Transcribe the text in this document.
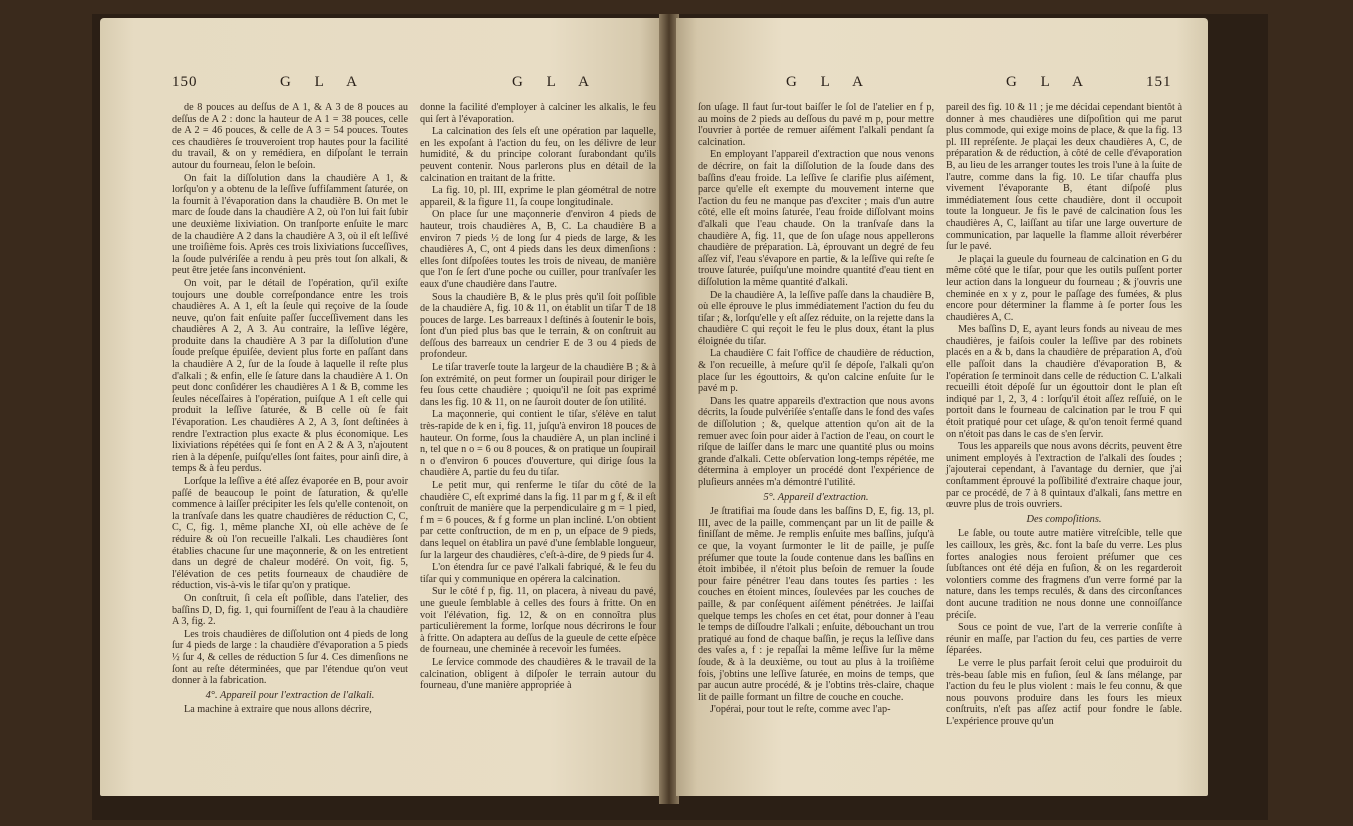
150	G L A	G L A

de 8 pouces au deſſus de A 1, & A 3 de 8 pouces au deſſus de A 2 : donc la hauteur de A 1 = 38 pouces, celle de A 2 = 46 pouces, & celle de A 3 = 54 pouces. Toutes ces chaudières ſe trouveroient trop hautes pour la facilité du travail, & on y remédiera, en diſpoſant le terrain autour du fourneau, ſelon le beſoin.

On fait la diſſolution dans la chaudière A 1, & lorſqu'on y a obtenu de la leſſive ſuffiſamment ſaturée, on la fournit à l'évaporation dans la chaudière B. On met le marc de ſoude dans la chaudière A 2, où l'on lui fait ſubir une deuxième lixiviation. On tranſporte enſuite le marc de la chaudière A 2 dans la chaudière A 3, où il eſt leſſivé une troiſième fois. Après ces trois lixiviations ſucceſſives, la ſoude pulvériſée a rendu à peu près tout ſon alkali, & peut être jetée ſans inconvénient.

On voit, par le détail de l'opération, qu'il exiſte toujours une double correſpondance entre les trois chaudières A. A 1, eſt la ſeule qui reçoive de la ſoude neuve, qu'on fait enſuite paſſer ſucceſſivement dans les chaudières A 2, A 3. Au contraire, la leſſive légère, produite dans la chaudière A 3 par la diſſolution d'une ſoude preſque épuiſée, devient plus forte en paſſant dans la chaudière A 2, ſur de la ſoude à laquelle il reſte plus d'alkali ; & enfin, elle ſe ſature dans la chaudière A 1. On peut donc conſidérer les chaudières A 1 & B, comme les ſeules néceſſaires à l'opération, puiſque A 1 eſt celle qui produit la leſſive ſaturée, & B celle où ſe fait l'évaporation. Les chaudières A 2, A 3, ſont deſtinées à rendre l'extraction plus exacte & plus économique. Les lixiviations répétées qui ſe font en A 2 & A 3, n'ajoutent rien à la dépenſe, puiſqu'elles ſont faites, pour ainſi dire, à temps & à feu perdus.

Lorſque la leſſive a été aſſez évaporée en B, pour avoir paſſé de beaucoup le point de ſaturation, & qu'elle commence à laiſſer précipiter les ſels qu'elle contenoit, on la tranſvaſe dans les quatre chaudières de réduction C, C, C, C, fig. 1, même planche XI, où elle achève de ſe réduire & où l'on recueille l'alkali. Les chaudières ſont établies chacune ſur une maçonnerie, & on les entretient dans un degré de chaleur modéré. On voit, fig. 5, l'élévation de ces petits fourneaux de chaudière de réduction, vis-à-vis le tiſar qu'on y pratique.

On conſtruit, ſi cela eſt poſſible, dans l'atelier, des baſſins D, D, fig. 1, qui fourniſſent de l'eau à la chaudière A 3, fig. 2.

Les trois chaudières de diſſolution ont 4 pieds de long ſur 4 pieds de large : la chaudière d'évaporation a 5 pieds ½ ſur 4, & celles de réduction 5 ſur 4. Ces dimenſions ne ſont au reſte déterminées, que par l'étendue qu'on veut donner à la fabrication.

4°. Appareil pour l'extraction de l'alkali.

La machine à extraire que nous allons décrire,

donne la facilité d'employer à calciner les alkalis, le feu qui ſert à l'évaporation.

La calcination des ſels eſt une opération par laquelle, en les expoſant à l'action du feu, on les délivre de leur humidité, & du principe colorant ſurabondant qu'ils peuvent contenir. Nous parlerons plus en détail de la calcination en traitant de la fritte.

La fig. 10, pl. III, exprime le plan géométral de notre appareil, & la figure 11, ſa coupe longitudinale.

On place ſur une maçonnerie d'environ 4 pieds de hauteur, trois chaudières A, B, C. La chaudière B a environ 7 pieds ½ de long ſur 4 pieds de large, & les chaudières A, C, ont 4 pieds dans les deux dimenſions : elles ſont diſpoſées toutes les trois de niveau, de manière que l'on ſe ſert d'une poche ou cuiller, pour tranſvaſer les eaux d'une chaudière dans l'autre.

Sous la chaudière B, & le plus près qu'il ſoit poſſible de la chaudière A, fig. 10 & 11, on établit un tiſar T de 18 pouces de large. Les barreaux l deſtinés à ſoutenir le bois, ſont d'un pied plus bas que le terrain, & on conſtruit au deſſous des barreaux un cendrier E de 3 ou 4 pieds de profondeur.

Le tiſar traverſe toute la largeur de la chaudière B ; & à ſon extrémité, on peut former un ſoupirail pour diriger le feu ſous cette chaudière ; quoiqu'il ne ſoit pas exprimé dans les fig. 10 & 11, on ne ſauroit douter de ſon utilité.

La maçonnerie, qui contient le tiſar, s'élève en talut très-rapide de k en i, fig. 11, juſqu'à environ 18 pouces de hauteur. On forme, ſous la chaudière A, un plan incliné i n, tel que n o = 6 ou 8 pouces, & on pratique un ſoupirail n o d'environ 6 pouces d'ouverture, qui dirige ſous la chaudière A, partie du feu du tiſar.

Le petit mur, qui renferme le tiſar du côté de la chaudière C, eſt exprimé dans la fig. 11 par m g f, & il eſt conſtruit de manière que la perpendiculaire g m = 1 pied, f m = 6 pouces, & f g forme un plan incliné. L'on obtient par cette conſtruction, de m en p, un eſpace de 9 pieds, dans lequel on établira un pavé d'une ſemblable longueur, ſur la largeur des chaudières, c'eſt-à-dire, de 9 pieds ſur 4.

L'on étendra ſur ce pavé l'alkali fabriqué, & le feu du tiſar qui y communique en opérera la calcination.

Sur le côté f p, fig. 11, on placera, à niveau du pavé, une gueule ſemblable à celles des fours à fritte. On en voit l'élévation, fig. 12, & on en connoîtra plus particulièrement la forme, lorſque nous décrirons le four à fritte. On adaptera au deſſus de la gueule de cette eſpèce de fourneau, une cheminée à recevoir les fumées.

Le ſervice commode des chaudières & le travail de la calcination, obligent à diſpoſer le terrain autour du fourneau, d'une manière appropriée à

G L A	G L A	151

ſon uſage. Il faut ſur-tout baiſſer le ſol de l'atelier en f p, au moins de 2 pieds au deſſous du pavé m p, pour mettre l'ouvrier à portée de remuer aiſément l'alkali pendant ſa calcination.

En employant l'appareil d'extraction que nous venons de décrire, on fait la diſſolution de la ſoude dans des baſſins d'eau froide. La leſſive ſe clarifie plus aiſément, parce qu'elle eſt exempte du mouvement interne que l'action du feu ne manque pas d'exciter ; mais d'un autre côté, elle eſt moins ſaturée, l'eau froide diſſolvant moins d'alkali que l'eau chaude. On la tranſvaſe dans la chaudière A, fig. 11, que de ſon uſage nous appellerons chaudière de préparation. Là, éprouvant un degré de feu aſſez vif, l'eau s'évapore en partie, & la leſſive qui reſte ſe trouve ſaturée, puiſqu'une moindre quantité d'eau tient en diſſolution la même quantité d'alkali.

De la chaudière A, la leſſive paſſe dans la chaudière B, où elle éprouve le plus immédiatement l'action du feu du tiſar ; &, lorſqu'elle y eſt aſſez réduite, on la rejette dans la chaudière C qui reçoit le feu le plus doux, étant la plus éloignée du tiſar.

La chaudière C fait l'office de chaudière de réduction, & l'on recueille, à meſure qu'il ſe dépoſe, l'alkali qu'on place ſur les égouttoirs, & qu'on calcine enſuite ſur le pavé m p.

Dans les quatre appareils d'extraction que nous avons décrits, la ſoude pulvériſée s'entaſſe dans le fond des vaſes de diſſolution ; &, quelque attention qu'on ait de la remuer avec ſoin pour aider à l'action de l'eau, on court le riſque de laiſſer dans le marc une quantité plus ou moins grande d'alkali. Cette obſervation long-temps répétée, me détermina à employer un procédé dont l'expérience de pluſieurs années m'a démontré l'utilité.

5°. Appareil d'extraction.

Je ſtratifiai ma ſoude dans les baſſins D, E, fig. 13, pl. III, avec de la paille, commençant par un lit de paille & finiſſant de même. Je remplis enſuite mes baſſins, juſqu'à ce que, la voyant ſurmonter le lit de paille, je puſſe préſumer que toute la ſoude contenue dans les baſſins en étoit imbibée, il n'étoit plus beſoin de remuer la ſoude pour faire pénétrer l'eau dans toutes ſes parties : les couches en étoient minces, ſoulevées par les couches de paille, & par conſéquent aiſément pénétrées. Je laiſſai quelque temps les choſes en cet état, pour donner à l'eau le temps de diſſoudre l'alkali ; enſuite, débouchant un trou pratiqué au fond de chaque baſſin, je reçus la leſſive dans des vaſes a, f : je repaſſai la même leſſive ſur la même ſoude, & à la deuxième, ou tout au plus à la troiſième fois, j'obtins une leſſive ſaturée, en moins de temps, que par aucun autre procédé, & je l'obtins très-claire, chaque lit de paille formant un filtre de couche en couche.

J'opérai, pour tout le reſte, comme avec l'ap-

pareil des fig. 10 & 11 ; je me décidai cependant bientôt à donner à mes chaudières une diſpoſition qui me parut plus commode, qui exige moins de place, & que la fig. 13 pl. III repréſente. Je plaçai les deux chaudières A, C, de préparation & de réduction, à côté de celle d'évaporation B, au lieu de les arranger toutes les trois l'une à la ſuite de l'autre, comme dans la fig. 10. Le tiſar chauffa plus vivement l'évaporante B, étant diſpoſé plus immédiatement ſous cette chaudière, dont il occupoit toute la longueur. Je fis le pavé de calcination ſous les chaudières A, C, laiſſant au tiſar une large ouverture de communication, par laquelle la flamme alloit réverbérer ſur le pavé.

Je plaçai la gueule du fourneau de calcination en G du même côté que le tiſar, pour que les outils puſſent porter leur action dans la longueur du fourneau ; & j'ouvris une cheminée en x y z, pour le paſſage des fumées, & plus encore pour déterminer la flamme à ſe porter ſous les chaudières A, C.

Mes baſſins D, E, ayant leurs fonds au niveau de mes chaudières, je faiſois couler la leſſive par des robinets placés en a & b, dans la chaudière de préparation A, d'où elle paſſoit dans la chaudière d'évaporation B, & l'opération ſe terminoit dans celle de réduction C. L'alkali recueilli étoit dépoſé ſur un égouttoir dont le plan eſt indiqué par 1, 2, 3, 4 : lorſqu'il étoit aſſez reſſuié, on le portoit dans le fourneau de calcination par le trou F qui étoit pratiqué pour cet uſage, & qu'on tenoit fermé quand on n'étoit pas dans le cas de s'en ſervir.

Tous les appareils que nous avons décrits, peuvent être uniment employés à l'extraction de l'alkali des ſoudes ; j'ajouterai cependant, à l'avantage du dernier, que j'ai conſtamment éprouvé la poſſibilité d'extraire chaque jour, par ce procédé, de 7 à 8 quintaux d'alkali, ſans mettre en œuvre plus de trois ouvriers.

Des compoſitions.

Le ſable, ou toute autre matière vitreſcible, telle que les cailloux, les grès, &c. font la baſe du verre. Les plus fortes analogies nous feroient préſumer que ces ſubſtances ont été déja en fuſion, & on les regarderoit volontiers comme des fragmens d'un verre formé par la nature, dans les temps reculés, & dans des circonſtances dont aucune tradition ne nous donne une connoiſſance préciſe.

Sous ce point de vue, l'art de la verrerie conſiſte à réunir en maſſe, par l'action du feu, ces parties de verre ſéparées.

Le verre le plus parfait ſeroit celui que produiroit du très-beau ſable mis en fuſion, ſeul & ſans mélange, par l'action du feu le plus violent : mais le feu connu, & que nous pouvons produire dans les fours les mieux conſtruits, n'eſt pas aſſez actif pour fondre le ſable. L'expérience prouve qu'un
